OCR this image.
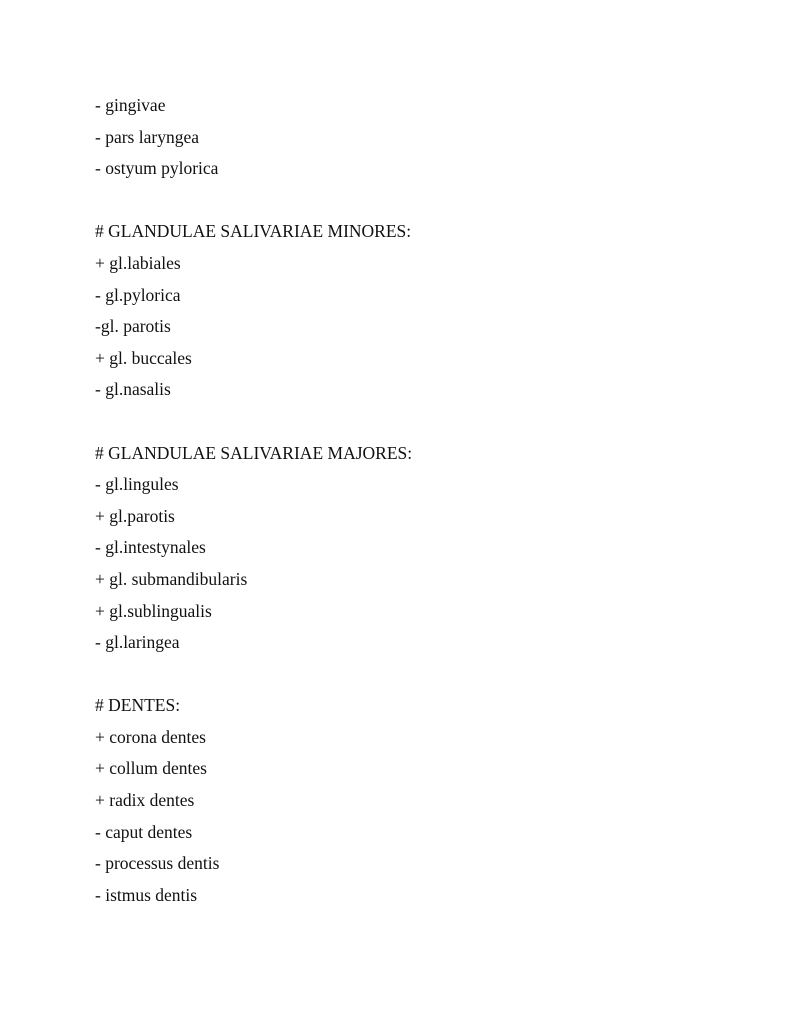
- gingivae
- pars laryngea
- ostyum pylorica
# GLANDULAE SALIVARIAE MINORES:
+ gl.labiales
- gl.pylorica
-gl. parotis
+ gl. buccales
- gl.nasalis
# GLANDULAE SALIVARIAE MAJORES:
- gl.lingules
+ gl.parotis
- gl.intestynales
+ gl. submandibularis
+ gl.sublingualis
- gl.laringea
# DENTES:
+ corona dentes
+ collum dentes
+ radix dentes
- caput dentes
- processus dentis
- istmus dentis
